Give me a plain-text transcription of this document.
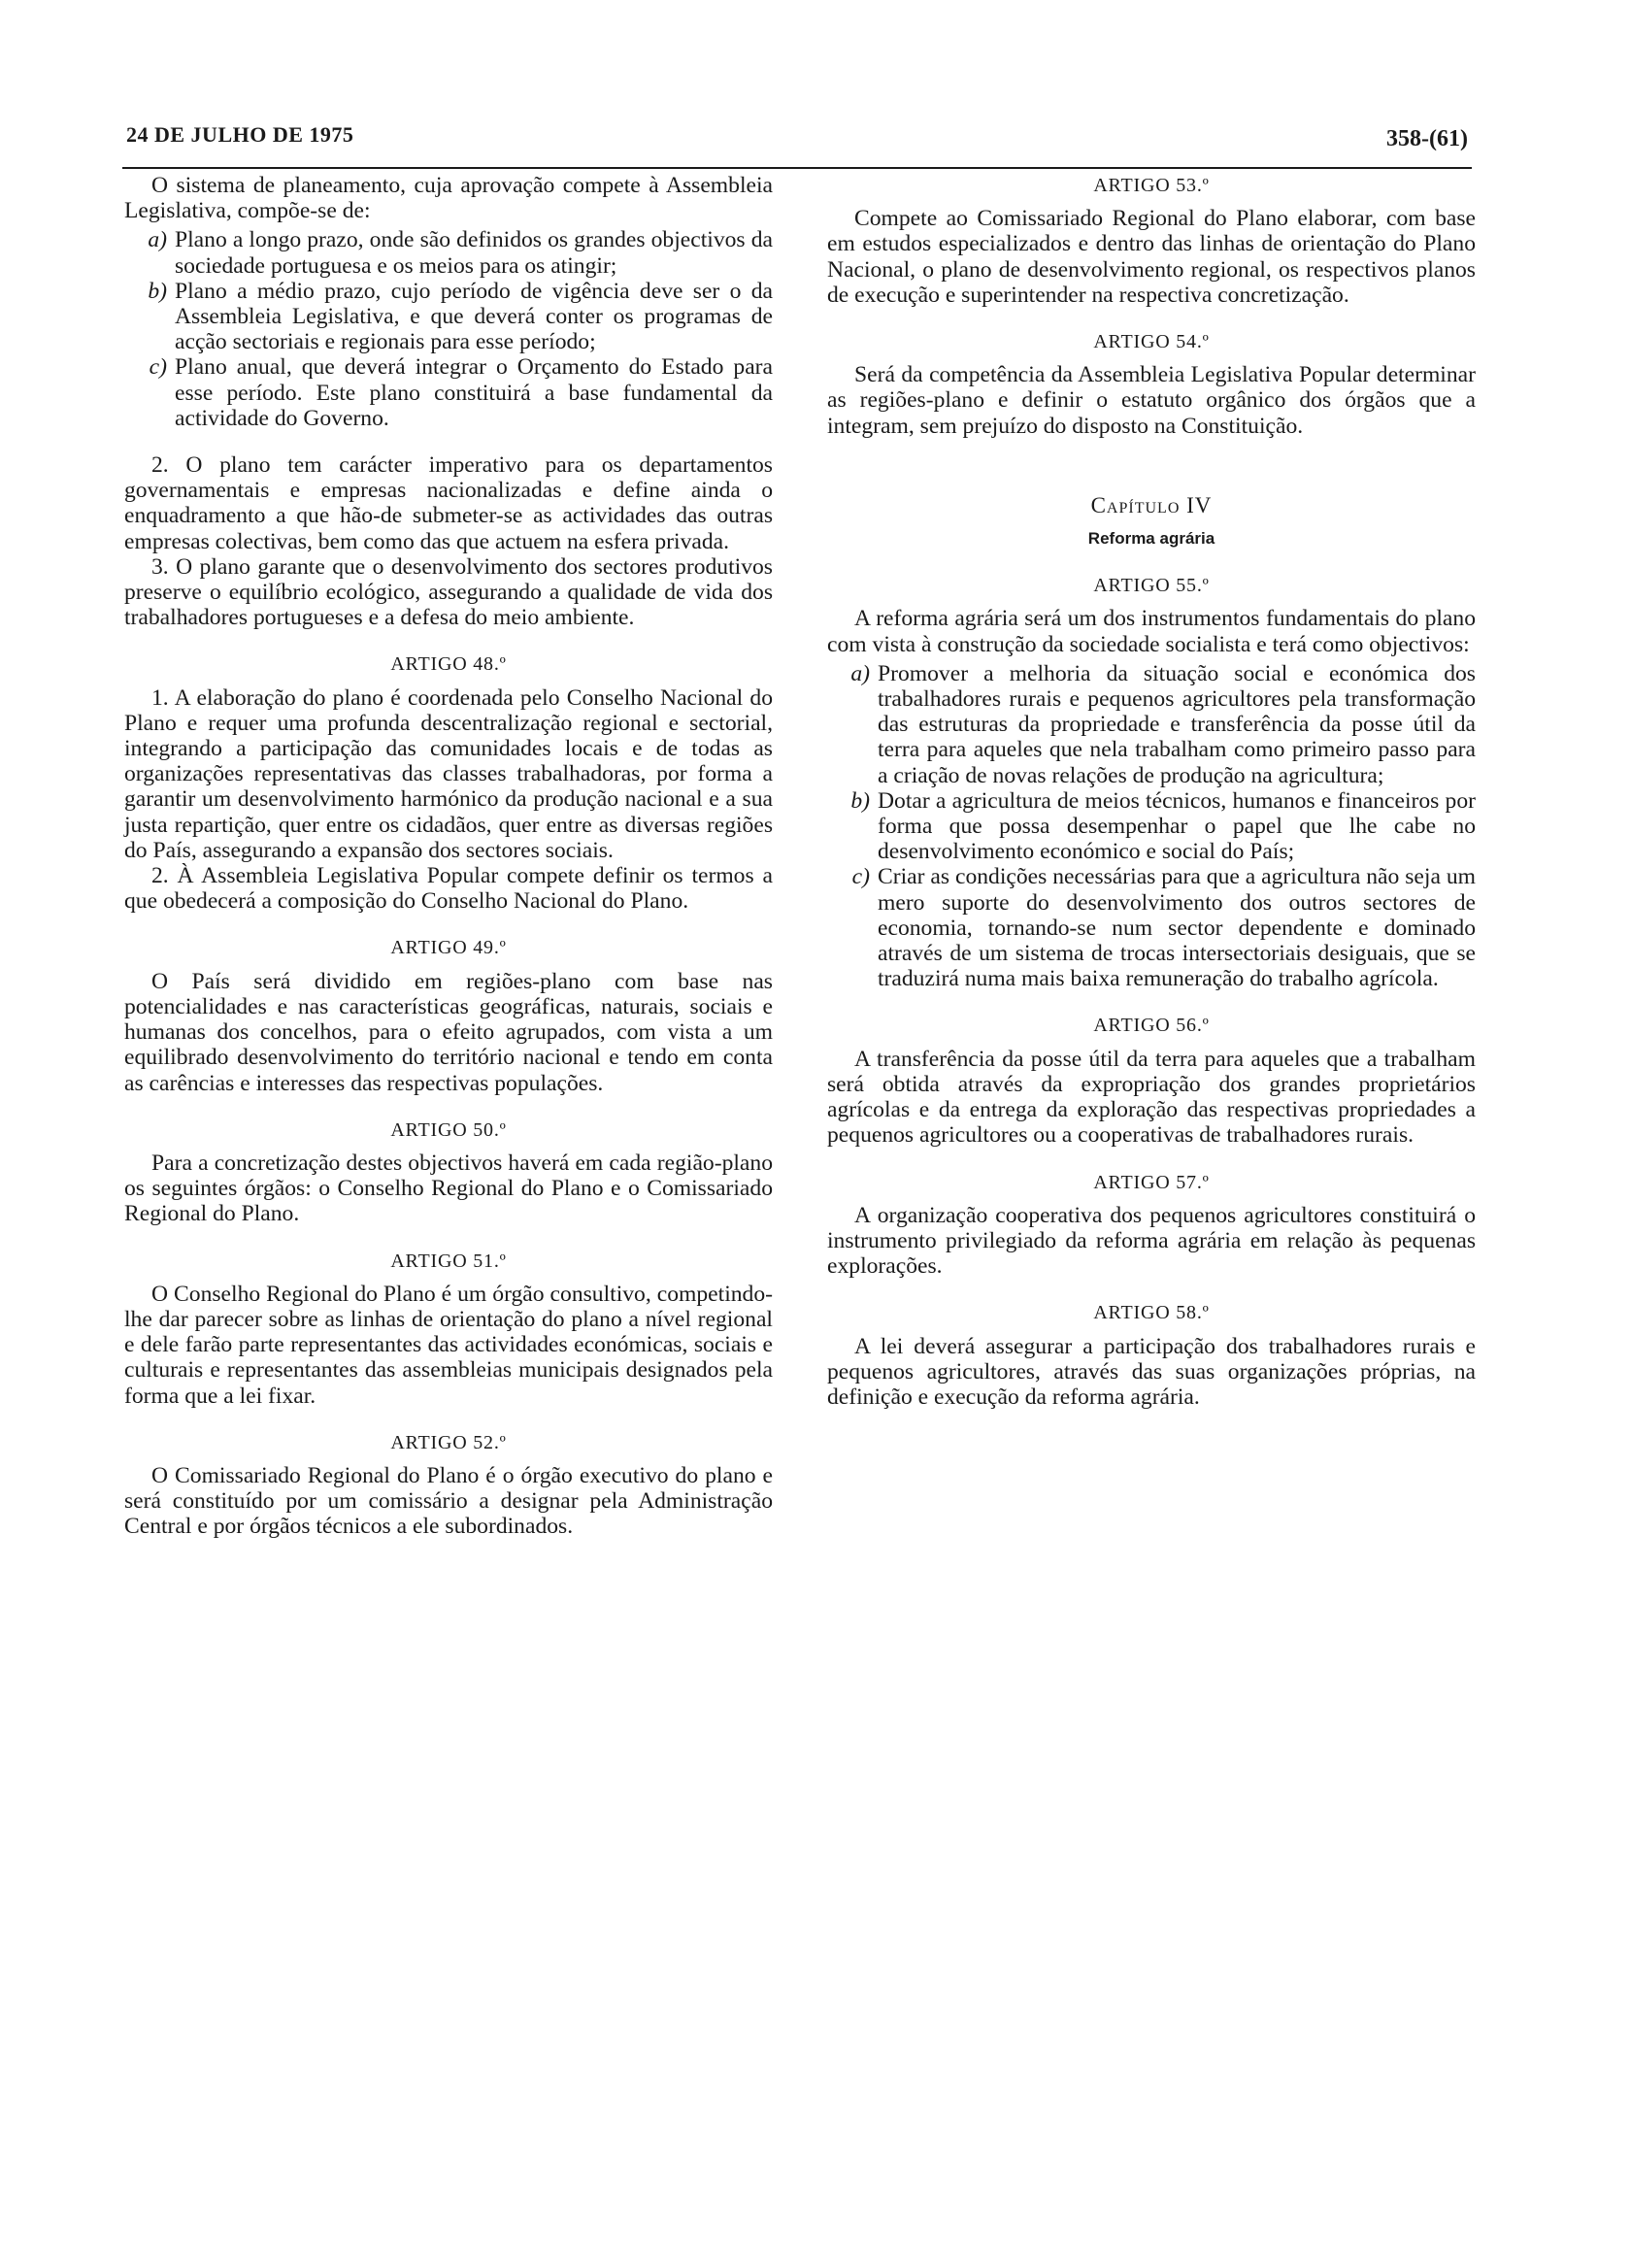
24 DE JULHO DE 1975	358-(61)

O sistema de planeamento, cuja aprovação compete à Assembleia Legislativa, compõe-se de:

a) Plano a longo prazo, onde são definidos os grandes objectivos da sociedade portuguesa e os meios para os atingir;
b) Plano a médio prazo, cujo período de vigência deve ser o da Assembleia Legislativa, e que deverá conter os programas de acção sectoriais e regionais para esse período;
c) Plano anual, que deverá integrar o Orçamento do Estado para esse período. Este plano constituirá a base fundamental da actividade do Governo.

2. O plano tem carácter imperativo para os departamentos governamentais e empresas nacionalizadas e define ainda o enquadramento a que hão-de submeter-se as actividades das outras empresas colectivas, bem como das que actuem na esfera privada.

3. O plano garante que o desenvolvimento dos sectores produtivos preserve o equilíbrio ecológico, assegurando a qualidade de vida dos trabalhadores portugueses e a defesa do meio ambiente.

ARTIGO 48.º

1. A elaboração do plano é coordenada pelo Conselho Nacional do Plano e requer uma profunda descentralização regional e sectorial, integrando a participação das comunidades locais e de todas as organizações representativas das classes trabalhadoras, por forma a garantir um desenvolvimento harmónico da produção nacional e a sua justa repartição, quer entre os cidadãos, quer entre as diversas regiões do País, assegurando a expansão dos sectores sociais.

2. À Assembleia Legislativa Popular compete definir os termos a que obedecerá a composição do Conselho Nacional do Plano.

ARTIGO 49.º

O País será dividido em regiões-plano com base nas potencialidades e nas características geográficas, naturais, sociais e humanas dos concelhos, para o efeito agrupados, com vista a um equilibrado desenvolvimento do território nacional e tendo em conta as carências e interesses das respectivas populações.

ARTIGO 50.º

Para a concretização destes objectivos haverá em cada região-plano os seguintes órgãos: o Conselho Regional do Plano e o Comissariado Regional do Plano.

ARTIGO 51.º

O Conselho Regional do Plano é um órgão consultivo, competindo-lhe dar parecer sobre as linhas de orientação do plano a nível regional e dele farão parte representantes das actividades económicas, sociais e culturais e representantes das assembleias municipais designados pela forma que a lei fixar.

ARTIGO 52.º

O Comissariado Regional do Plano é o órgão executivo do plano e será constituído por um comissário a designar pela Administração Central e por órgãos técnicos a ele subordinados.

ARTIGO 53.º

Compete ao Comissariado Regional do Plano elaborar, com base em estudos especializados e dentro das linhas de orientação do Plano Nacional, o plano de desenvolvimento regional, os respectivos planos de execução e superintender na respectiva concretização.

ARTIGO 54.º

Será da competência da Assembleia Legislativa Popular determinar as regiões-plano e definir o estatuto orgânico dos órgãos que a integram, sem prejuízo do disposto na Constituição.

Capítulo IV
Reforma agrária

ARTIGO 55.º

A reforma agrária será um dos instrumentos fundamentais do plano com vista à construção da sociedade socialista e terá como objectivos:

a) Promover a melhoria da situação social e económica dos trabalhadores rurais e pequenos agricultores pela transformação das estruturas da propriedade e transferência da posse útil da terra para aqueles que nela trabalham como primeiro passo para a criação de novas relações de produção na agricultura;
b) Dotar a agricultura de meios técnicos, humanos e financeiros por forma que possa desempenhar o papel que lhe cabe no desenvolvimento económico e social do País;
c) Criar as condições necessárias para que a agricultura não seja um mero suporte do desenvolvimento dos outros sectores de economia, tornando-se num sector dependente e dominado através de um sistema de trocas intersectoriais desiguais, que se traduzirá numa mais baixa remuneração do trabalho agrícola.

ARTIGO 56.º

A transferência da posse útil da terra para aqueles que a trabalham será obtida através da expropriação dos grandes proprietários agrícolas e da entrega da exploração das respectivas propriedades a pequenos agricultores ou a cooperativas de trabalhadores rurais.

ARTIGO 57.º

A organização cooperativa dos pequenos agricultores constituirá o instrumento privilegiado da reforma agrária em relação às pequenas explorações.

ARTIGO 58.º

A lei deverá assegurar a participação dos trabalhadores rurais e pequenos agricultores, através das suas organizações próprias, na definição e execução da reforma agrária.
